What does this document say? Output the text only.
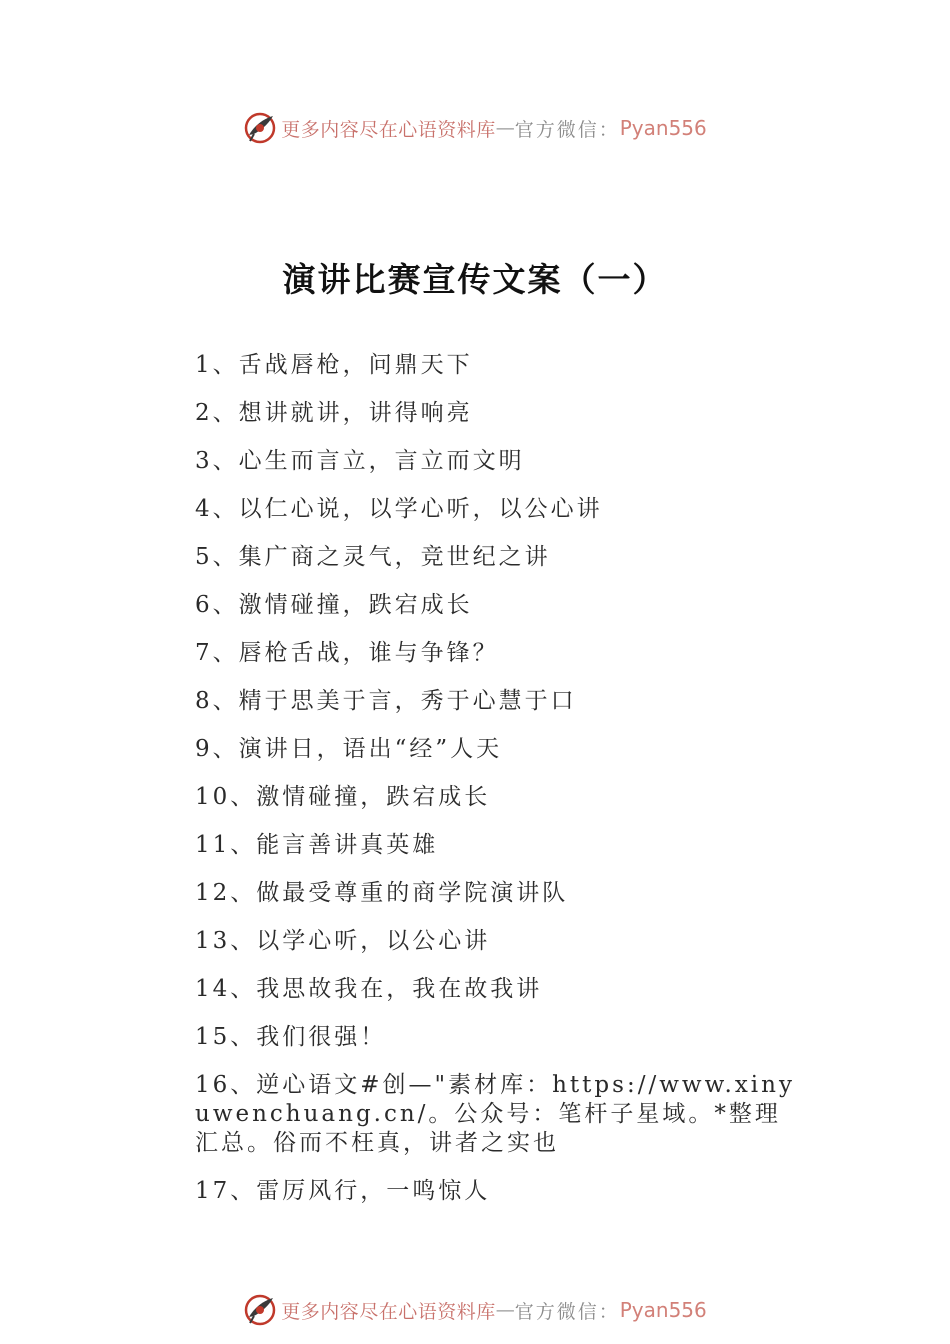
更多内容尽在心语资料库 — 官方微信： Pyan556
演讲比赛宣传文案（一）
1、舌战唇枪，问鼎天下
2、想讲就讲，讲得响亮
3、心生而言立，言立而文明
4、以仁心说，以学心听，以公心讲
5、集广商之灵气，竞世纪之讲
6、激情碰撞，跌宕成长
7、唇枪舌战，谁与争锋？
8、精于思美于言，秀于心慧于口
9、演讲日，语出“经”人天
10、激情碰撞，跌宕成长
11、能言善讲真英雄
12、做最受尊重的商学院演讲队
13、以学心听，以公心讲
14、我思故我在，我在故我讲
15、我们很强！
16、逆心语文#创—"素材库：https://www.xinyuwenchuang.cn/。公众号：笔杆子星域。*整理汇总。俗而不枉真，讲者之实也
17、雷厉风行，一鸣惊人
更多内容尽在心语资料库 — 官方微信： Pyan556
